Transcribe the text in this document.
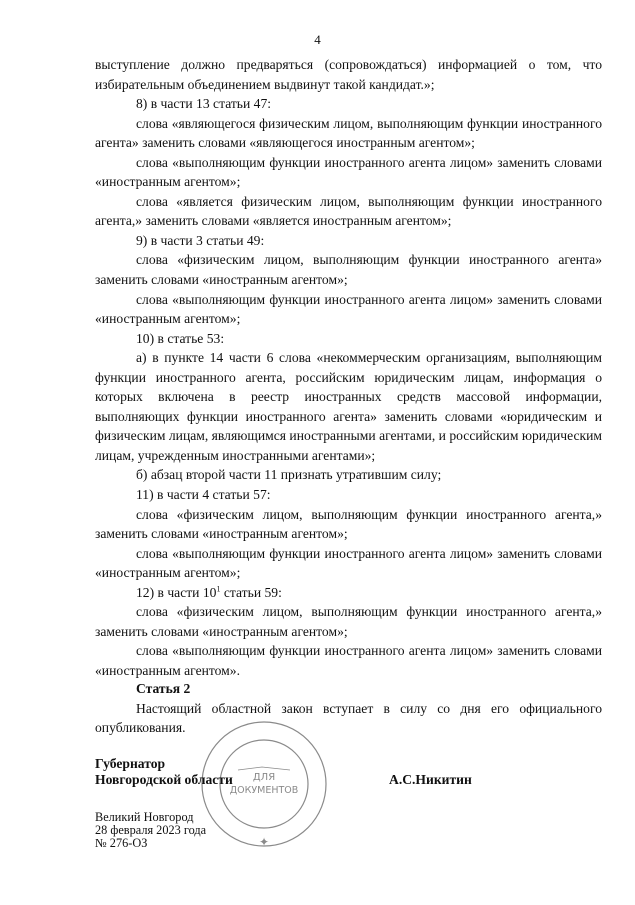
4

выступление должно предваряться (сопровождаться) информацией о том, что избирательным объединением выдвинут такой кандидат.»;

8) в части 13 статьи 47:

слова «являющегося физическим лицом, выполняющим функции иностранного агента» заменить словами «являющегося иностранным агентом»;

слова «выполняющим функции иностранного агента лицом» заменить словами «иностранным агентом»;

слова «является физическим лицом, выполняющим функции иностранного агента,» заменить словами «является иностранным агентом»;

9) в части 3 статьи 49:

слова «физическим лицом, выполняющим функции иностранного агента» заменить словами «иностранным агентом»;

слова «выполняющим функции иностранного агента лицом» заменить словами «иностранным агентом»;

10) в статье 53:

а) в пункте 14 части 6 слова «некоммерческим организациям, выполняющим функции иностранного агента, российским юридическим лицам, информация о которых включена в реестр иностранных средств массовой информации, выполняющих функции иностранного агента» заменить словами «юридическим и физическим лицам, являющимся иностранными агентами, и российским юридическим лицам, учрежденным иностранными агентами»;

б) абзац второй части 11 признать утратившим силу;

11) в части 4 статьи 57:

слова «физическим лицом, выполняющим функции иностранного агента,» заменить словами «иностранным агентом»;

слова «выполняющим функции иностранного агента лицом» заменить словами «иностранным агентом»;

12) в части $10^1$ статьи 59:

слова «физическим лицом, выполняющим функции иностранного агента,» заменить словами «иностранным агентом»;

слова «выполняющим функции иностранного агента лицом» заменить словами «иностранным агентом».

Статья 2

Настоящий областной закон вступает в силу со дня его официального опубликования.

ДЛЯ
ДОКУМЕНТОВ
✦
Губернатор
Новгородской области	А.С.Никитин
Великий Новгород
28 февраля 2023 года
№ 276-ОЗ
